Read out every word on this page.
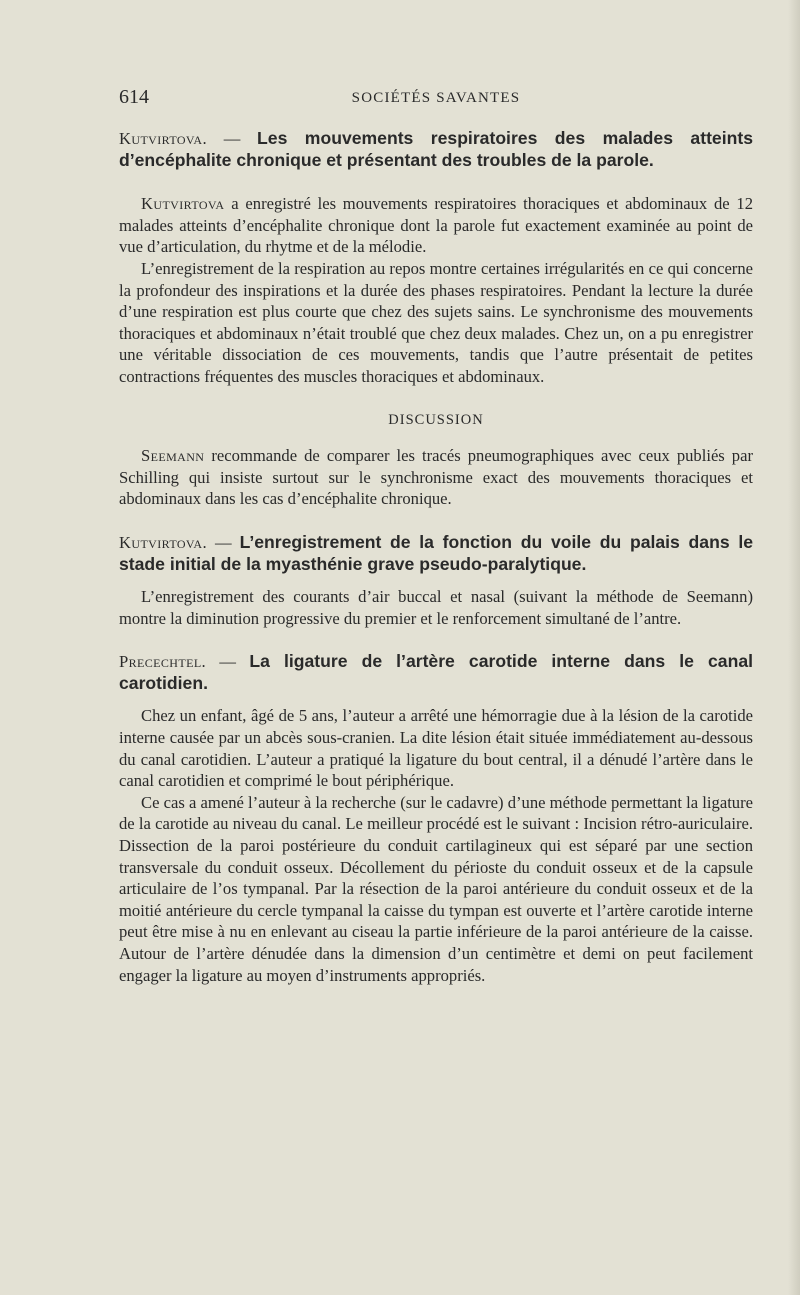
614	SOCIÉTÉS SAVANTES

Kutvirtova. — Les mouvements respiratoires des malades atteints d’encéphalite chronique et présentant des troubles de la parole.

Kutvirtova a enregistré les mouvements respiratoires thoraciques et abdominaux de 12 malades atteints d’encéphalite chronique dont la parole fut exactement examinée au point de vue d’articulation, du rhytme et de la mélodie.

L’enregistrement de la respiration au repos montre certaines irrégularités en ce qui concerne la profondeur des inspirations et la durée des phases respiratoires. Pendant la lecture la durée d’une respiration est plus courte que chez des sujets sains. Le synchronisme des mouvements thoraciques et abdominaux n’était troublé que chez deux malades. Chez un, on a pu enregistrer une véritable dissociation de ces mouvements, tandis que l’autre présentait de petites contractions fréquentes des muscles thoraciques et abdominaux.

DISCUSSION

Seemann recommande de comparer les tracés pneumographiques avec ceux publiés par Schilling qui insiste surtout sur le synchronisme exact des mouvements thoraciques et abdominaux dans les cas d’encéphalite chronique.

Kutvirtova. — L’enregistrement de la fonction du voile du palais dans le stade initial de la myasthénie grave pseudo-paralytique.

L’enregistrement des courants d’air buccal et nasal (suivant la méthode de Seemann) montre la diminution progressive du premier et le renforcement simultané de l’antre.

Precechtel. — La ligature de l’artère carotide interne dans le canal carotidien.

Chez un enfant, âgé de 5 ans, l’auteur a arrêté une hémorragie due à la lésion de la carotide interne causée par un abcès sous-cranien. La dite lésion était située immédiatement au-dessous du canal carotidien. L’auteur a pratiqué la ligature du bout central, il a dénudé l’artère dans le canal carotidien et comprimé le bout périphérique.

Ce cas a amené l’auteur à la recherche (sur le cadavre) d’une méthode permettant la ligature de la carotide au niveau du canal. Le meilleur procédé est le suivant : Incision rétro-auriculaire. Dissection de la paroi postérieure du conduit cartilagineux qui est séparé par une section transversale du conduit osseux. Décollement du périoste du conduit osseux et de la capsule articulaire de l’os tympanal. Par la résection de la paroi antérieure du conduit osseux et de la moitié antérieure du cercle tympanal la caisse du tympan est ouverte et l’artère carotide interne peut être mise à nu en enlevant au ciseau la partie inférieure de la paroi antérieure de la caisse. Autour de l’artère dénudée dans la dimension d’un centimètre et demi on peut facilement engager la ligature au moyen d’instruments appropriés.
